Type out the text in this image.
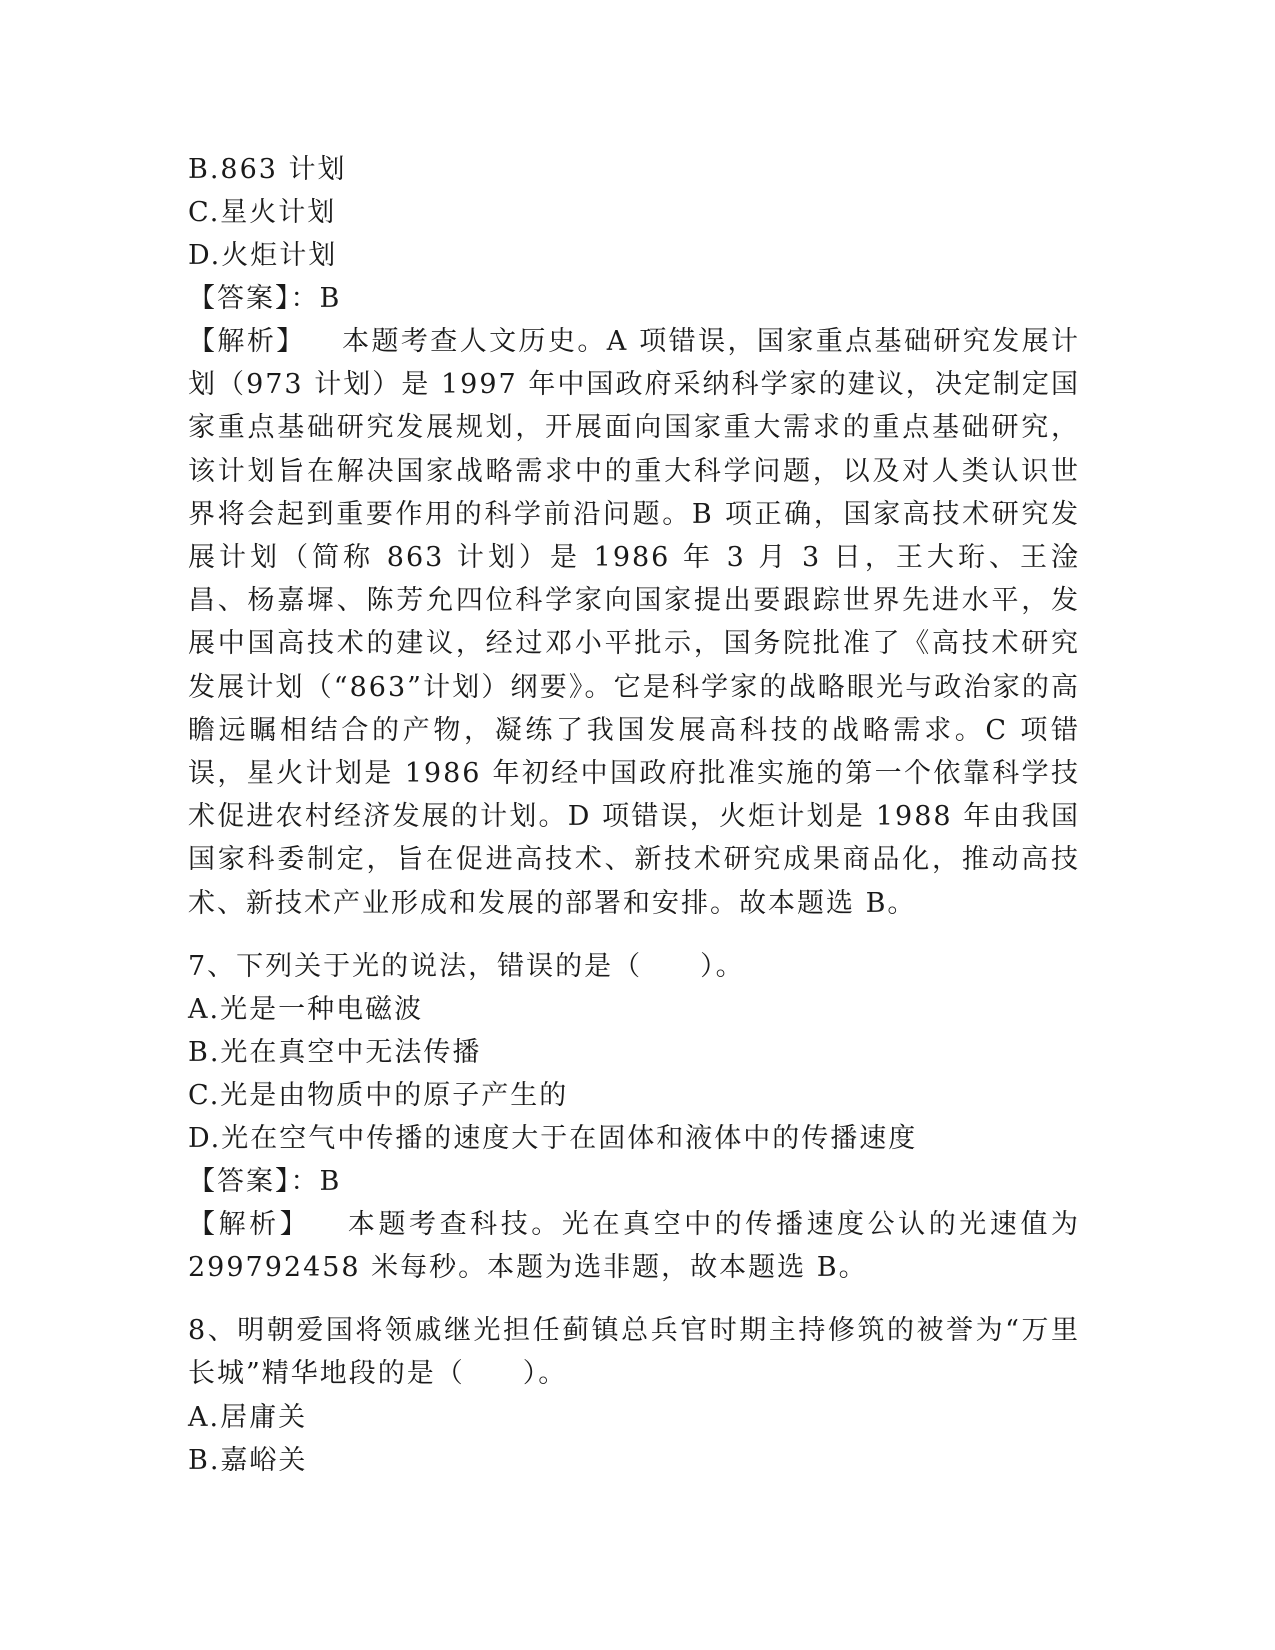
B.863 计划
C.星火计划
D.火炬计划
【答案】：B

【解析】 本题考查人文历史。A 项错误，国家重点基础研究发展计划（973 计划）是 1997 年中国政府采纳科学家的建议，决定制定国家重点基础研究发展规划，开展面向国家重大需求的重点基础研究，该计划旨在解决国家战略需求中的重大科学问题，以及对人类认识世界将会起到重要作用的科学前沿问题。B 项正确，国家高技术研究发展计划（简称 863 计划）是 1986 年 3 月 3 日，王大珩、王淦昌、杨嘉墀、陈芳允四位科学家向国家提出要跟踪世界先进水平，发展中国高技术的建议，经过邓小平批示，国务院批准了《高技术研究发展计划（“863”计划）纲要》。它是科学家的战略眼光与政治家的高瞻远瞩相结合的产物，凝练了我国发展高科技的战略需求。C 项错误，星火计划是 1986 年初经中国政府批准实施的第一个依靠科学技术促进农村经济发展的计划。D 项错误，火炬计划是 1988 年由我国国家科委制定，旨在促进高技术、新技术研究成果商品化，推动高技术、新技术产业形成和发展的部署和安排。故本题选 B。

7、下列关于光的说法，错误的是（　　）。
A.光是一种电磁波
B.光在真空中无法传播
C.光是由物质中的原子产生的
D.光在空气中传播的速度大于在固体和液体中的传播速度
【答案】：B

【解析】 本题考查科技。光在真空中的传播速度公认的光速值为 299792458 米每秒。本题为选非题，故本题选 B。

8、明朝爱国将领戚继光担任蓟镇总兵官时期主持修筑的被誉为“万里长城”精华地段的是（　　）。

A.居庸关
B.嘉峪关
